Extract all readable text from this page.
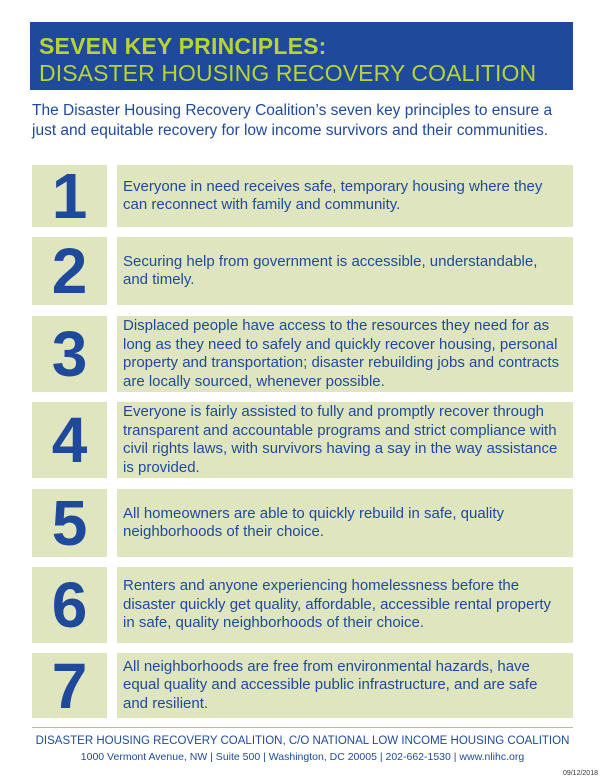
SEVEN KEY PRINCIPLES:
DISASTER HOUSING RECOVERY COALITION
The Disaster Housing Recovery Coalition’s seven key principles to ensure a just and equitable recovery for low income survivors and their communities.
1	Everyone in need receives safe, temporary housing where they can reconnect with family and community.
2	Securing help from government is accessible, understandable, and timely.
3	Displaced people have access to the resources they need for as long as they need to safely and quickly recover housing, personal property and transportation; disaster rebuilding jobs and contracts are locally sourced, whenever possible.
4	Everyone is fairly assisted to fully and promptly recover through transparent and accountable programs and strict compliance with civil rights laws, with survivors having a say in the way assistance is provided.
5	All homeowners are able to quickly rebuild in safe, quality neighborhoods of their choice.
6	Renters and anyone experiencing homelessness before the disaster quickly get quality, affordable, accessible rental property in safe, quality neighborhoods of their choice.
7	All neighborhoods are free from environmental hazards, have equal quality and accessible public infrastructure, and are safe and resilient.
DISASTER HOUSING RECOVERY COALITION, C/O NATIONAL LOW INCOME HOUSING COALITION
1000 Vermont Avenue, NW | Suite 500 | Washington, DC 20005 | 202-662-1530 | www.nlihc.org
09/12/2018
